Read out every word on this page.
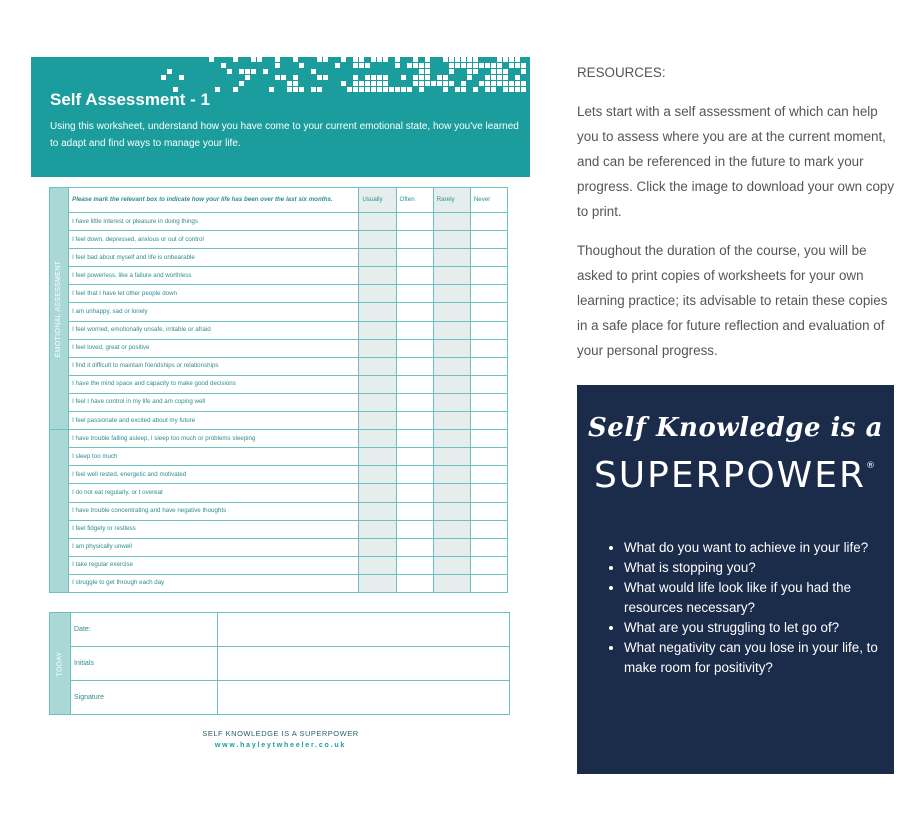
Self Assessment - 1
Using this worksheet, understand how you have come to your current emotional state, how you've learned to adapt and find ways to manage your life.
EMOTIONAL ASSESSMENT	Please mark the relevant box to indicate how your life has been over the last six months.	Usually	Often	Rarely	Never
	I have little interest or pleasure in doing things				
	I feel down, depressed, anxious or out of control				
	I feel bad about myself and life is unbearable				
	I feel powerless, like a failure and worthless				
	I feel that I have let other people down				
	I am unhappy, sad or lonely				
	I feel worried, emotionally unsafe, irritable or afraid				
	I feel loved, great or positive				
	I find it difficult to maintain friendships or relationships				
	I have the mind space and capacity to make good decisions				
	I feel I have control in my life and am coping well				
	I feel passionate and excited about my future				
	I have trouble falling asleep, I sleep too much or problems sleeping				
	I sleep too much				
	I feel well rested, energetic and motivated				
	I do not eat regularly, or I overeat				
	I have trouble concentrating and have negative thoughts				
	I feel fidgety or restless				
	I am physically unwell				
	I take regular exercise				
	I struggle to get through each day				
TODAY	Date:	
	Initials	
	Signature	
SELF KNOWLEDGE IS A SUPERPOWER
www.hayleytwheeler.co.uk

RESOURCES:

Lets start with a self assessment of which can help you to assess where you are at the current moment, and can be referenced in the future to mark your progress. Click the image to download your own copy to print.

Thoughout the duration of the course, you will be asked to print copies of worksheets for your own learning practice; its advisable to retain these copies in a safe place for future reflection and evaluation of your personal progress.

Self Knowledge is a
SUPERPOWER®
• What do you want to achieve in your life?
• What is stopping you?
• What would life look like if you had the resources necessary?
• What are you struggling to let go of?
• What negativity can you lose in your life, to make room for positivity?
